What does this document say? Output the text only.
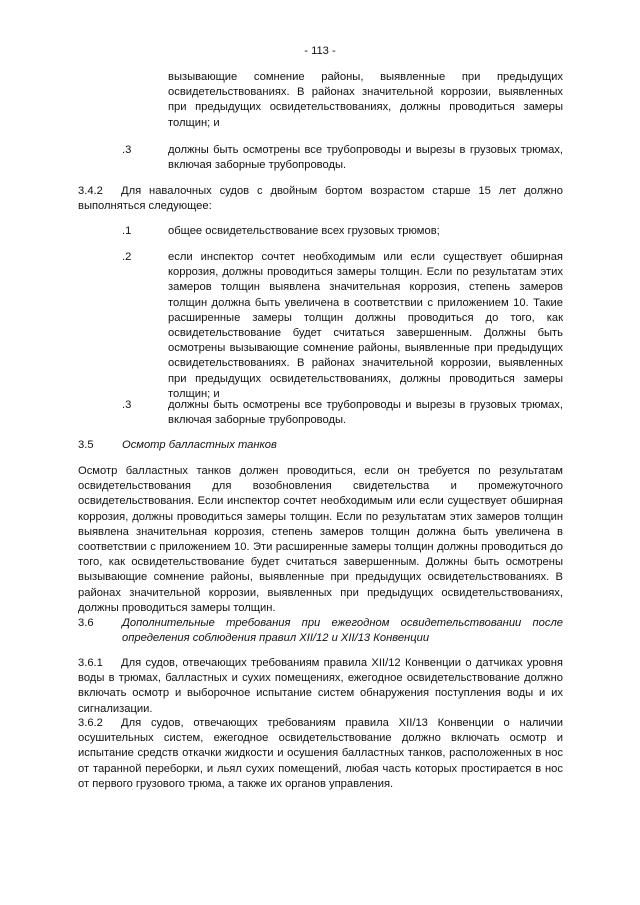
- 113 -

вызывающие сомнение районы, выявленные при предыдущих освидетельствованиях. В районах значительной коррозии, выявленных при предыдущих освидетельствованиях, должны проводиться замеры толщин; и

.3	должны быть осмотрены все трубопроводы и вырезы в грузовых трюмах, включая заборные трубопроводы.

3.4.2 Для навалочных судов с двойным бортом возрастом старше 15 лет должно выполняться следующее:

.1	общее освидетельствование всех грузовых трюмов;

.2	если инспектор сочтет необходимым или если существует обширная коррозия, должны проводиться замеры толщин. Если по результатам этих замеров толщин выявлена значительная коррозия, степень замеров толщин должна быть увеличена в соответствии с приложением 10. Такие расширенные замеры толщин должны проводиться до того, как освидетельствование будет считаться завершенным. Должны быть осмотрены вызывающие сомнение районы, выявленные при предыдущих освидетельствованиях. В районах значительной коррозии, выявленных при предыдущих освидетельствованиях, должны проводиться замеры толщин; и

.3	должны быть осмотрены все трубопроводы и вырезы в грузовых трюмах, включая заборные трубопроводы.

3.5	Осмотр балластных танков

Осмотр балластных танков должен проводиться, если он требуется по результатам освидетельствования для возобновления свидетельства и промежуточного освидетельствования. Если инспектор сочтет необходимым или если существует обширная коррозия, должны проводиться замеры толщин. Если по результатам этих замеров толщин выявлена значительная коррозия, степень замеров толщин должна быть увеличена в соответствии с приложением 10. Эти расширенные замеры толщин должны проводиться до того, как освидетельствование будет считаться завершенным. Должны быть осмотрены вызывающие сомнение районы, выявленные при предыдущих освидетельствованиях. В районах значительной коррозии, выявленных при предыдущих освидетельствованиях, должны проводиться замеры толщин.

3.6	Дополнительные требования при ежегодном освидетельствовании после определения соблюдения правил XII/12 и XII/13 Конвенции

3.6.1 Для судов, отвечающих требованиям правила XII/12 Конвенции о датчиках уровня воды в трюмах, балластных и сухих помещениях, ежегодное освидетельствование должно включать осмотр и выборочное испытание систем обнаружения поступления воды и их сигнализации.

3.6.2 Для судов, отвечающих требованиям правила XII/13 Конвенции о наличии осушительных систем, ежегодное освидетельствование должно включать осмотр и испытание средств откачки жидкости и осушения балластных танков, расположенных в нос от таранной переборки, и льял сухих помещений, любая часть которых простирается в нос от первого грузового трюма, а также их органов управления.
